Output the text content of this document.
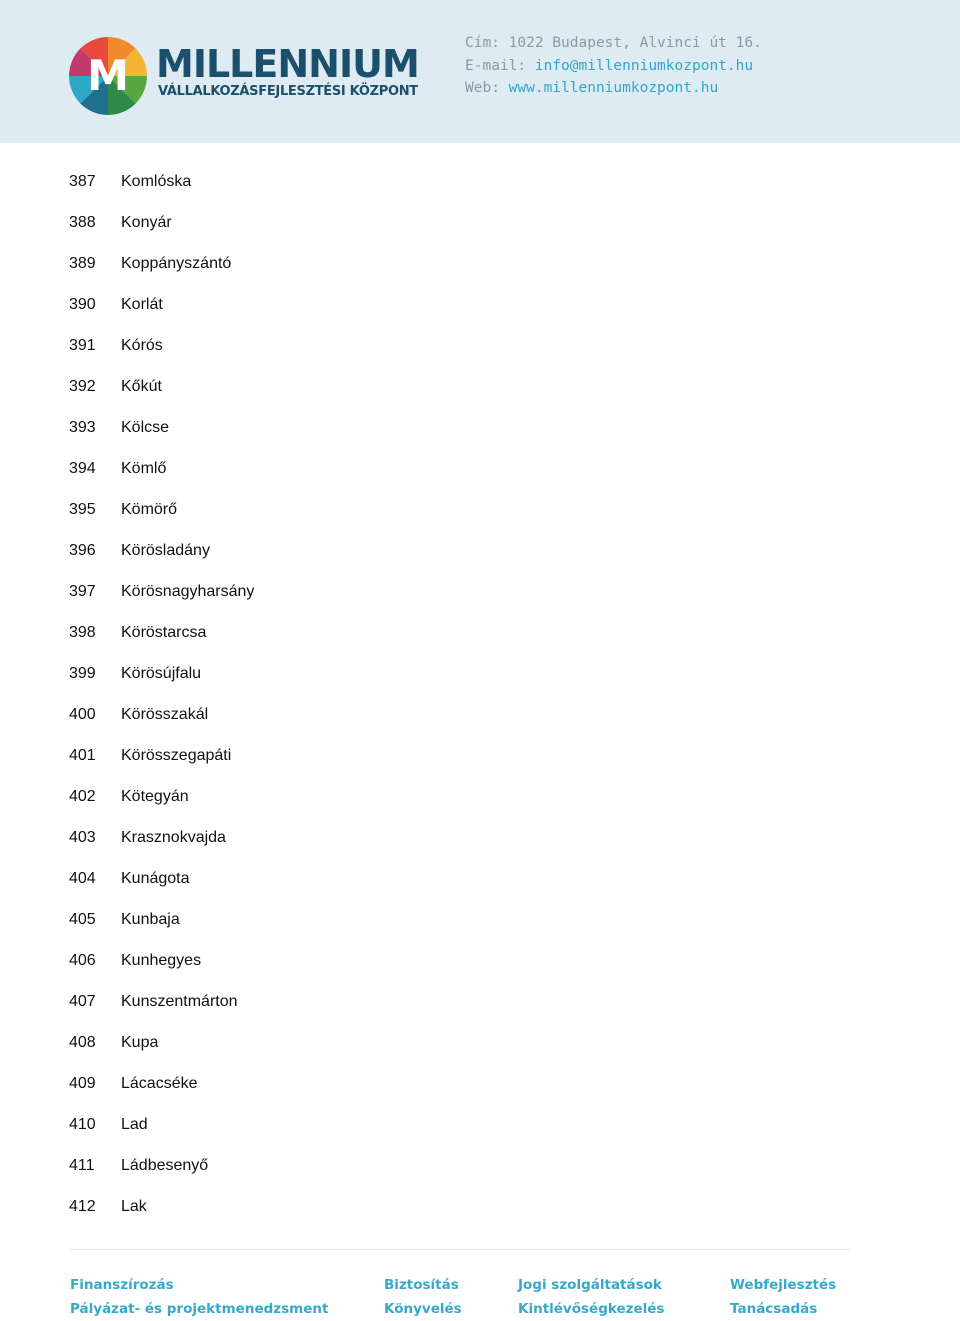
M MILLENNIUM
VÁLLALKOZÁSFEJLESZTÉSI KÖZPONT
Cím: 1022 Budapest, Alvinci út 16.
E-mail: info@millenniumkozpont.hu
Web: www.millenniumkozpont.hu
387	Komlóska
388	Konyár
389	Koppányszántó
390	Korlát
391	Kórós
392	Kőkút
393	Kölcse
394	Kömlő
395	Kömörő
396	Körösladány
397	Körösnagyharsány
398	Köröstarcsa
399	Körösújfalu
400	Körösszakál
401	Körösszegapáti
402	Kötegyán
403	Krasznokvajda
404	Kunágota
405	Kunbaja
406	Kunhegyes
407	Kunszentmárton
408	Kupa
409	Lácacséke
410	Lad
411	Ládbesenyő
412	Lak
Finanszírozás
Pályázat- és projektmenedzsment
Biztosítás
Könyvelés
Jogi szolgáltatások
Kintlévőségkezelés
Webfejlesztés
Tanácsadás
